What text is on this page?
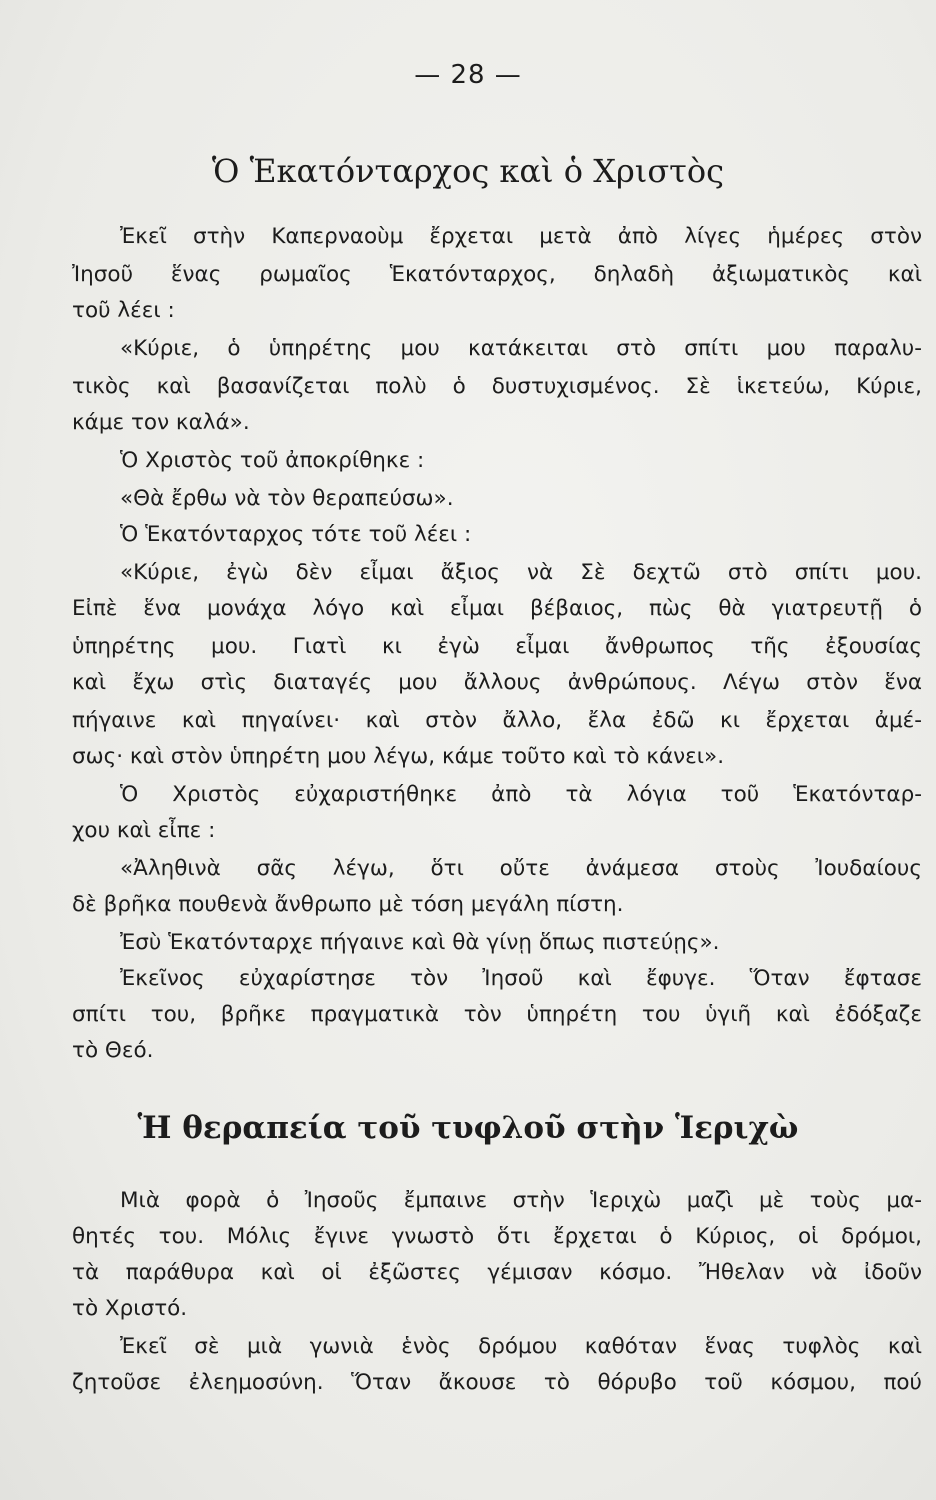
— 28 —
Ὁ Ἑκατόνταρχος καὶ ὁ Χριστὸς
Ἐκεῖ στὴν Καπερναοὺμ ἔρχεται μετὰ ἀπὸ λίγες ἡμέρες στὸν
Ἰησοῦ ἕνας ρωμαῖος Ἑκατόνταρχος, δηλαδὴ ἀξιωματικὸς καὶ
τοῦ λέει :
«Κύριε, ὁ ὑπηρέτης μου κατάκειται στὸ σπίτι μου παραλυ-
τικὸς καὶ βασανίζεται πολὺ ὁ δυστυχισμένος. Σὲ ἱκετεύω, Κύριε,
κάμε τον καλά».
Ὁ Χριστὸς τοῦ ἀποκρίθηκε :
«Θὰ ἔρθω νὰ τὸν θεραπεύσω».
Ὁ Ἑκατόνταρχος τότε τοῦ λέει :
«Κύριε, ἐγὼ δὲν εἶμαι ἄξιος νὰ Σὲ δεχτῶ στὸ σπίτι μου.
Εἰπὲ ἕνα μονάχα λόγο καὶ εἶμαι βέβαιος, πὼς θὰ γιατρευτῇ ὁ
ὑπηρέτης μου. Γιατὶ κι ἐγὼ εἶμαι ἄνθρωπος τῆς ἐξουσίας
καὶ ἔχω στὶς διαταγές μου ἄλλους ἀνθρώπους. Λέγω στὸν ἕνα
πήγαινε καὶ πηγαίνει· καὶ στὸν ἄλλο, ἔλα ἐδῶ κι ἔρχεται ἀμέ-
σως· καὶ στὸν ὑπηρέτη μου λέγω, κάμε τοῦτο καὶ τὸ κάνει».
Ὁ Χριστὸς εὐχαριστήθηκε ἀπὸ τὰ λόγια τοῦ Ἑκατόνταρ-
χου καὶ εἶπε :
«Ἀληθινὰ σᾶς λέγω, ὅτι οὔτε ἀνάμεσα στοὺς Ἰουδαίους
δὲ βρῆκα πουθενὰ ἄνθρωπο μὲ τόση μεγάλη πίστη.
Ἐσὺ Ἑκατόνταρχε πήγαινε καὶ θὰ γίνῃ ὅπως πιστεύῃς».
Ἐκεῖνος εὐχαρίστησε τὸν Ἰησοῦ καὶ ἔφυγε. Ὅταν ἔφτασε
σπίτι του, βρῆκε πραγματικὰ τὸν ὑπηρέτη του ὑγιῆ καὶ ἐδόξαζε
τὸ Θεό.
Ἡ θεραπεία τοῦ τυφλοῦ στὴν Ἱεριχὼ
Μιὰ φορὰ ὁ Ἰησοῦς ἔμπαινε στὴν Ἱεριχὼ μαζὶ μὲ τοὺς μα-
θητές του. Μόλις ἔγινε γνωστὸ ὅτι ἔρχεται ὁ Κύριος, οἱ δρόμοι,
τὰ παράθυρα καὶ οἱ ἐξῶστες γέμισαν κόσμο. Ἤθελαν νὰ ἰδοῦν
τὸ Χριστό.
Ἐκεῖ σὲ μιὰ γωνιὰ ἑνὸς δρόμου καθόταν ἕνας τυφλὸς καὶ
ζητοῦσε ἐλεημοσύνη. Ὅταν ἄκουσε τὸ θόρυβο τοῦ κόσμου, πού
